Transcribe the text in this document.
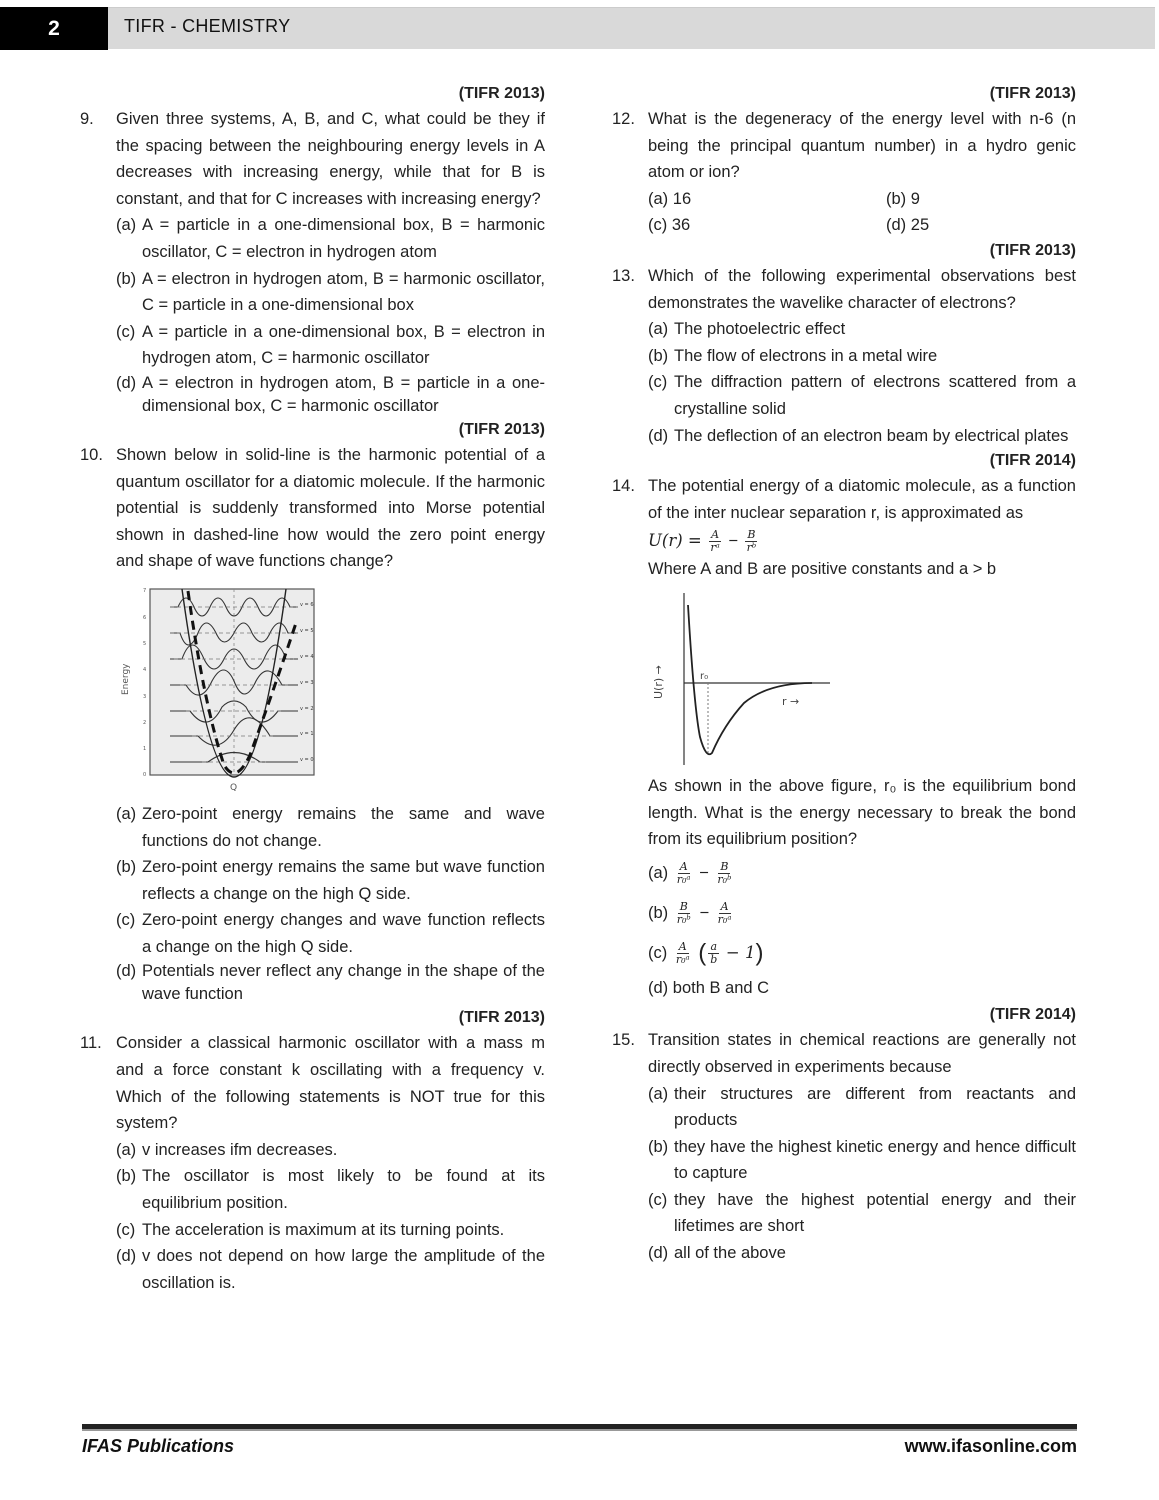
2	TIFR - CHEMISTRY
(TIFR 2013)
9. Given three systems, A, B, and C, what could be they if the spacing between the neighbouring energy levels in A decreases with increasing energy, while that for B is constant, and that for C increases with increasing energy?
(a) A = particle in a one-dimensional box, B = harmonic oscillator, C = electron in hydrogen atom
(b) A = electron in hydrogen atom, B = harmonic oscillator, C = particle in a one-dimensional box
(c) A = particle in a one-dimensional box, B = electron in hydrogen atom, C = harmonic oscillator
(d) A = electron in hydrogen atom, B = particle in a one-dimensional box, C = harmonic oscillator
(TIFR 2013)
10. Shown below in solid-line is the harmonic potential of a quantum oscillator for a diatomic molecule. If the harmonic potential is suddenly transformed into Morse potential shown in dashed-line how would the zero point energy and shape of wave functions change?
0
1
2
3
4
5
6
7
v = 0
v = 1
v = 2
v = 3
v = 4
v = 5
v = 6
Energy
Q
(a) Zero-point energy remains the same and wave functions do not change.
(b) Zero-point energy remains the same but wave function reflects a change on the high Q side.
(c) Zero-point energy changes and wave function reflects a change on the high Q side.
(d) Potentials never reflect any change in the shape of the wave function
(TIFR 2013)
11. Consider a classical harmonic oscillator with a mass m and a force constant k oscillating with a frequency v. Which of the following statements is NOT true for this system?
(a) v increases ifm decreases.
(b) The oscillator is most likely to be found at its equilibrium position.
(c) The acceleration is maximum at its turning points.
(d) v does not depend on how large the amplitude of the oscillation is.
(TIFR 2013)
12. What is the degeneracy of the energy level with n-6 (n being the principal quantum number) in a hydro genic atom or ion?
(a) 16	(b) 9
(c) 36	(d) 25
(TIFR 2013)
13. Which of the following experimental observations best demonstrates the wavelike character of electrons?
(a) The photoelectric effect
(b) The flow of electrons in a metal wire
(c) The diffraction pattern of electrons scattered from a crystalline solid
(d) The deflection of an electron beam by electrical plates
(TIFR 2014)
14. The potential energy of a diatomic molecule, as a function of the inter nuclear separation r, is approximated as
$U(r) = \frac{A}{\text{rᵃ}} - \frac{B}{\text{rᵇ}}$
Where A and B are positive constants and a > b
r₀
r →
U(r) →
As shown in the above figure, r₀ is the equilibrium bond length. What is the energy necessary to break the bond from its equilibrium position?
$(a) \frac{A}{\text{r₀ᵃ}} - \frac{B}{\text{r₀ᵇ}}$
$(b) \frac{B}{\text{r₀ᵇ}} - \frac{A}{\text{r₀ᵃ}}$
$(c) \frac{A}{\text{r₀ᵃ}}$ ( $\frac{a}{b} - 1$)
(d) both B and C
(TIFR 2014)
15. Transition states in chemical reactions are generally not directly observed in experiments because
(a) their structures are different from reactants and products
(b) they have the highest kinetic energy and hence difficult to capture
(c) they have the highest potential energy and their lifetimes are short
(d) all of the above
IFAS Publications	www.ifasonline.com
